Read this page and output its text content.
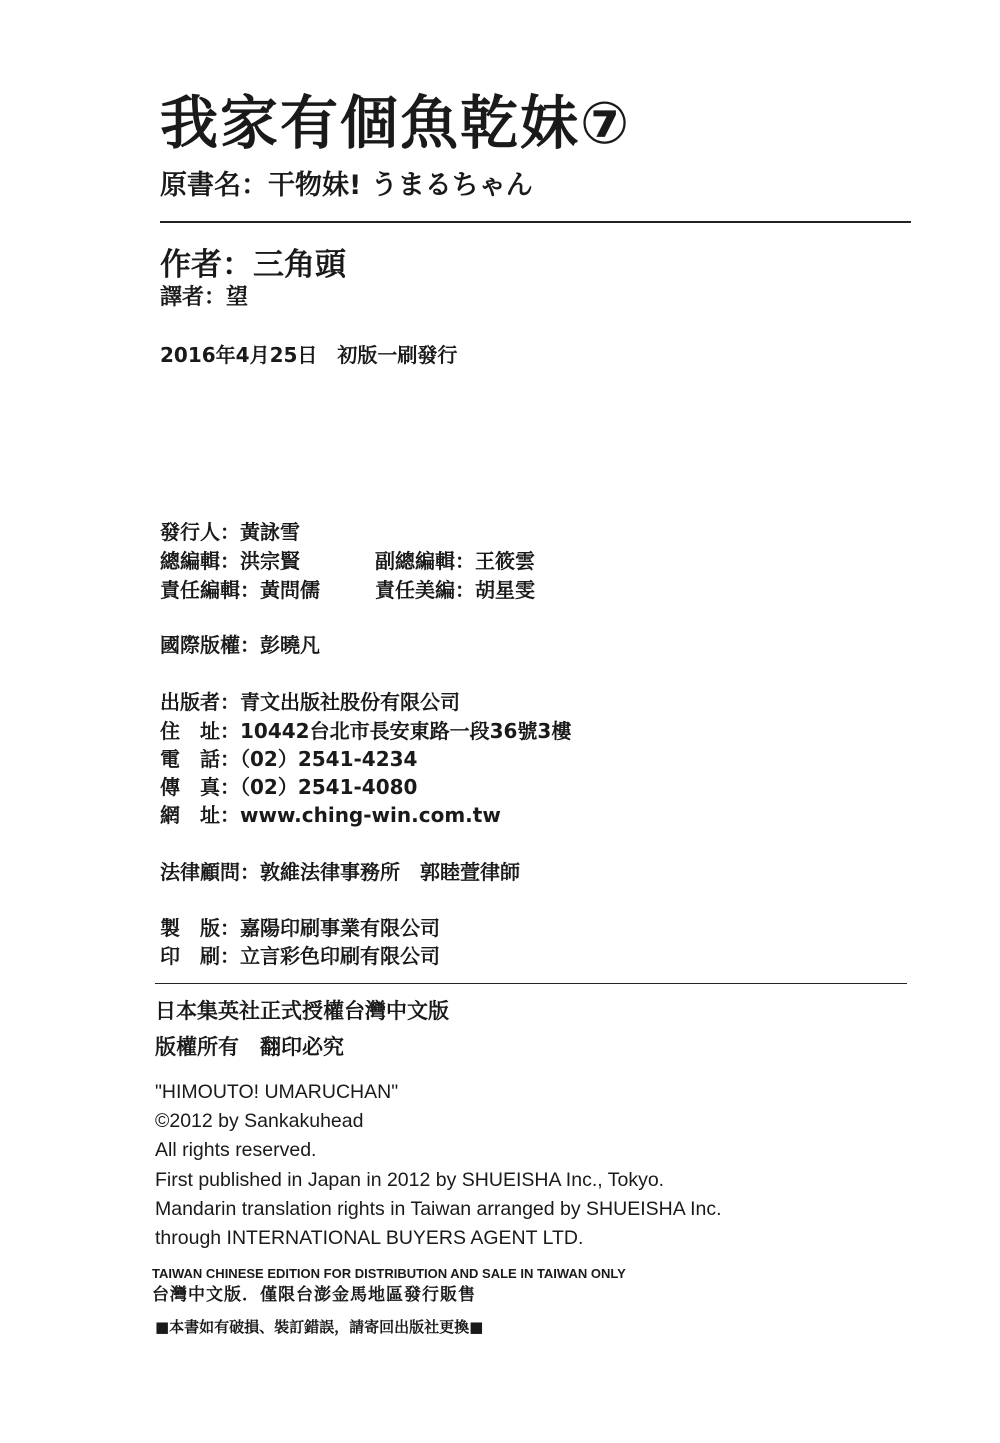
我家有個魚乾妹⑦
原書名：干物妹! うまるちゃん
作者：三角頭
譯者：望
2016年4月25日　初版一刷發行
發行人：黃詠雪
總編輯：洪宗賢	副總編輯：王筱雲
責任編輯：黃問儒	責任美編：胡星雯
國際版權：彭曉凡
出版者：青文出版社股份有限公司
住　址：10442台北市長安東路一段36號3樓
電　話：（02）2541-4234
傳　真：（02）2541-4080
網　址：www.ching-win.com.tw
法律顧問：敦維法律事務所　郭睦萱律師
製　版：嘉陽印刷事業有限公司
印　刷：立言彩色印刷有限公司
日本集英社正式授權台灣中文版
版權所有　翻印必究
"HIMOUTO! UMARUCHAN"
©2012 by Sankakuhead
All rights reserved.
First published in Japan in 2012 by SHUEISHA Inc., Tokyo.
Mandarin translation rights in Taiwan arranged by SHUEISHA Inc.
through INTERNATIONAL BUYERS AGENT LTD.
TAIWAN CHINESE EDITION FOR DISTRIBUTION AND SALE IN TAIWAN ONLY
台灣中文版．僅限台澎金馬地區發行販售
■本書如有破損、裝訂錯誤，請寄回出版社更換■
